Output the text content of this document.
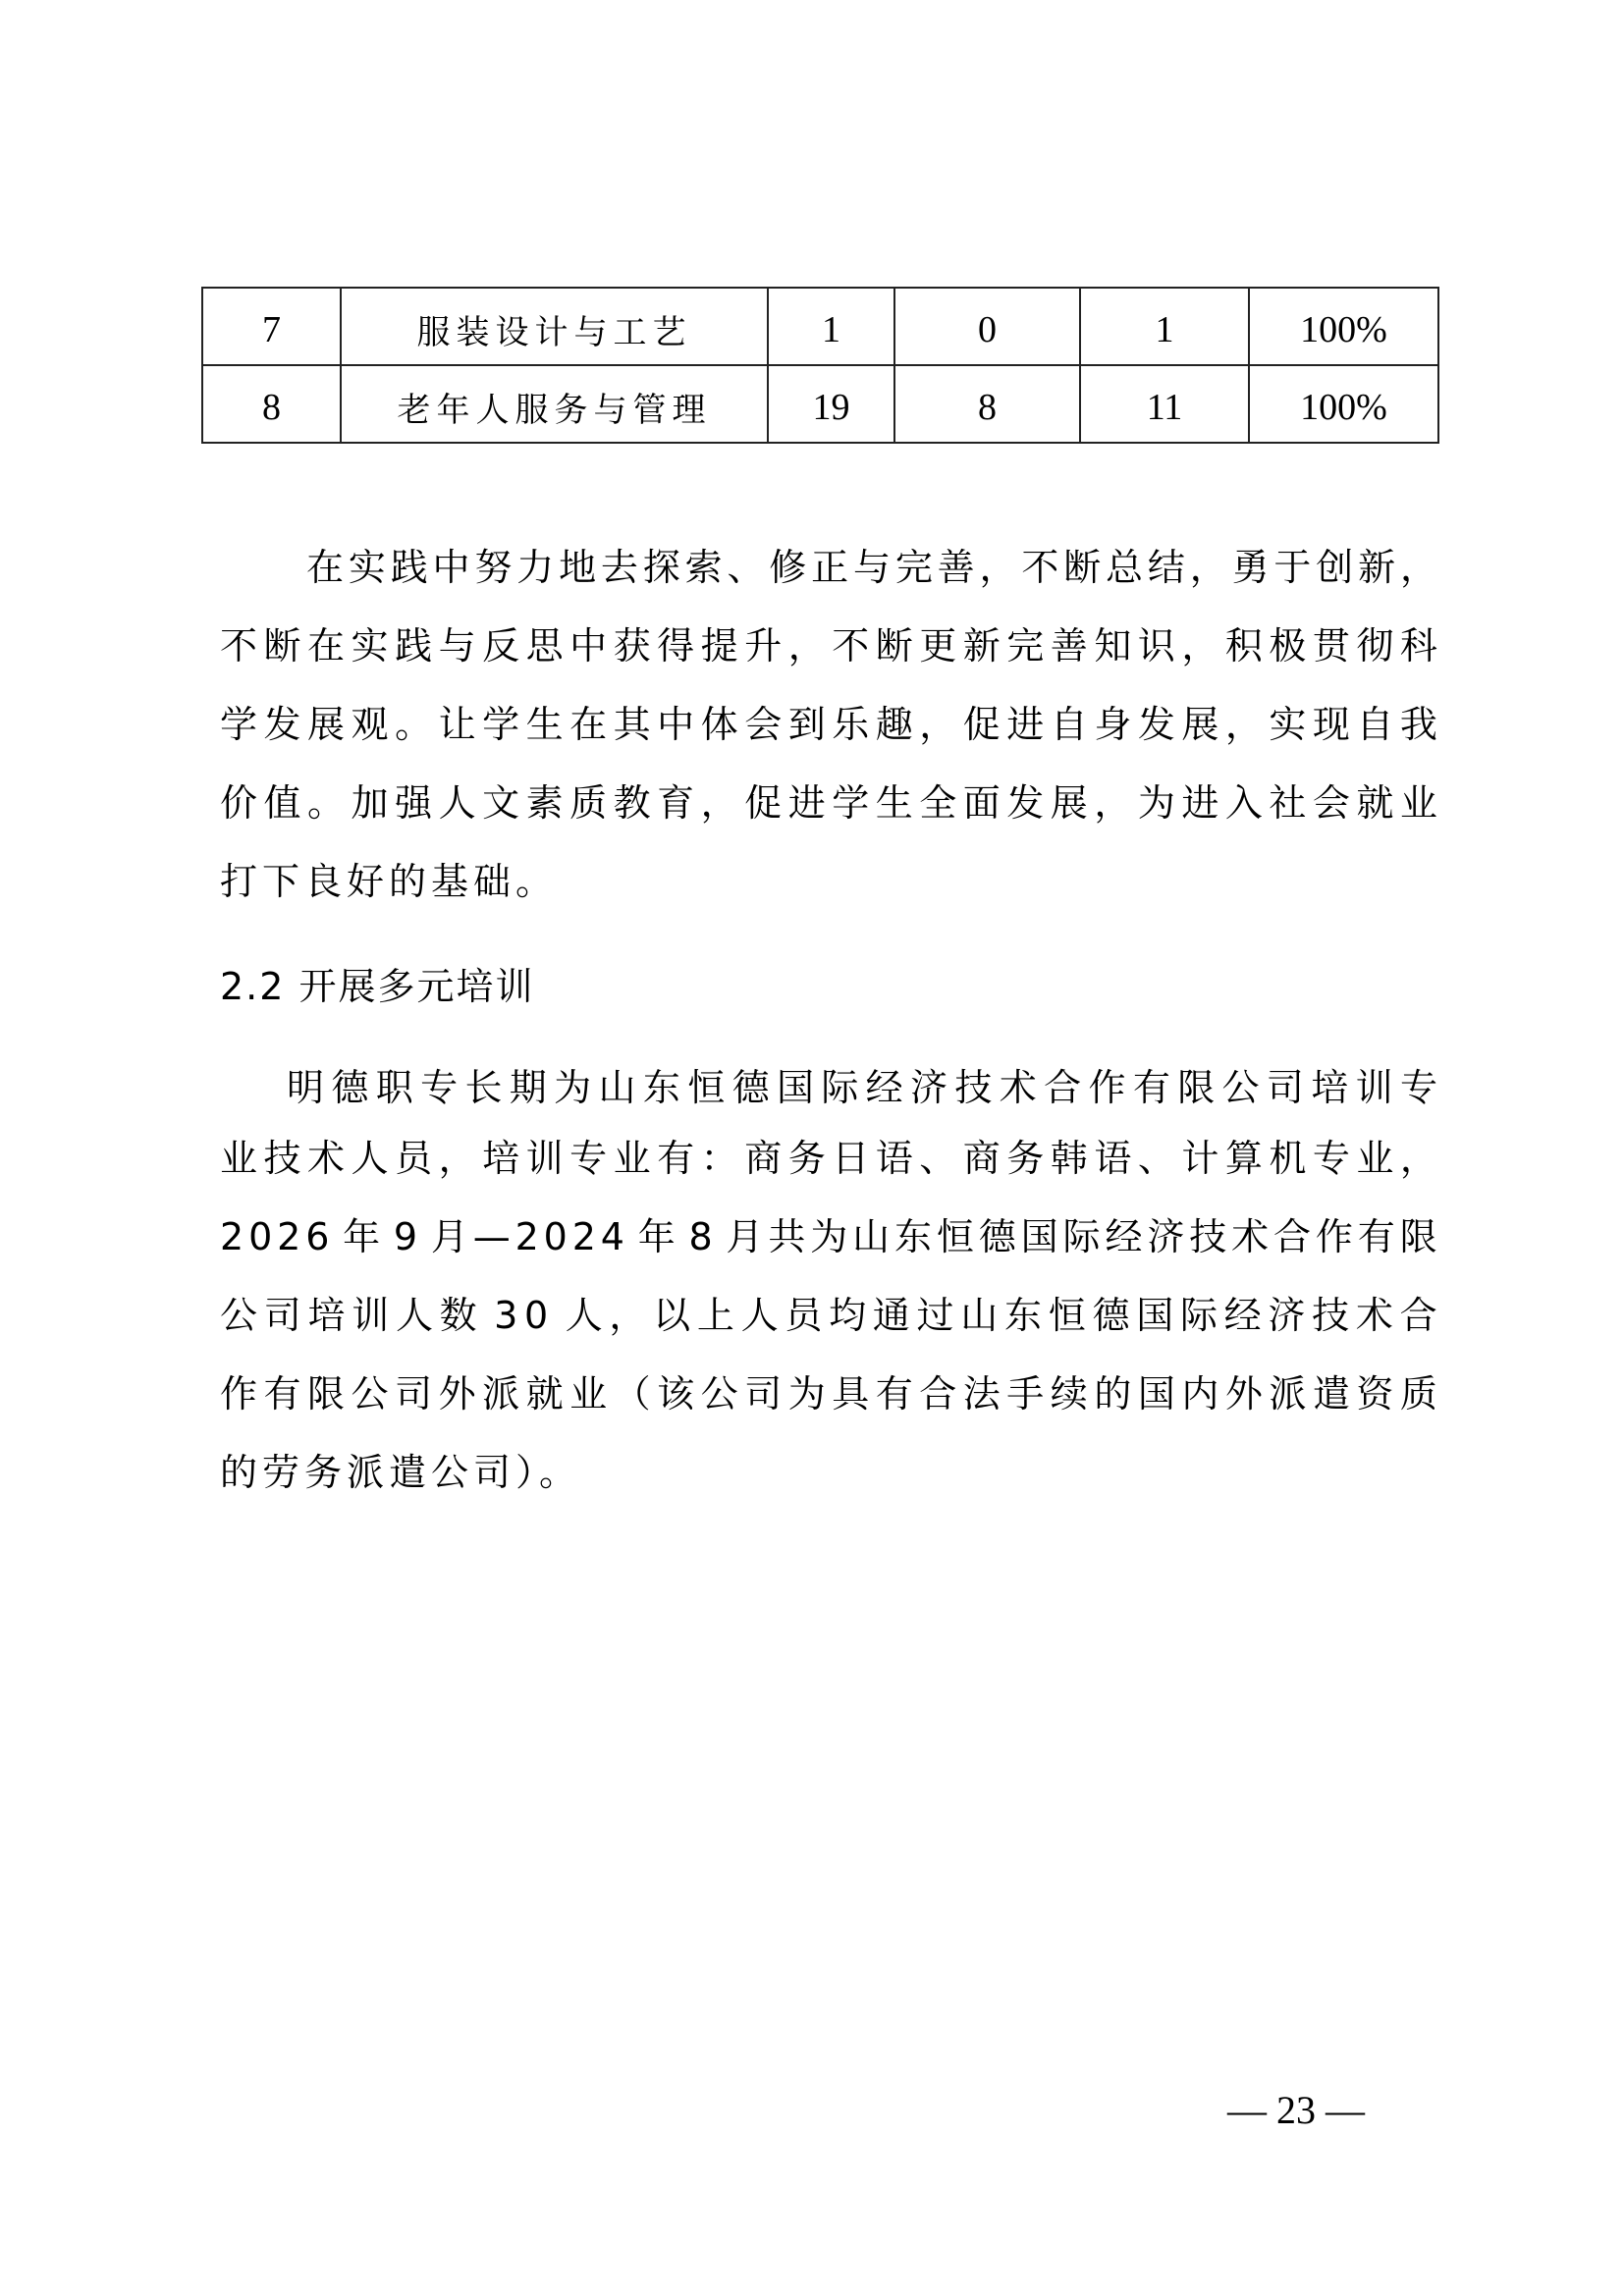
7	服装设计与工艺	1	0	1	100%
8	老年人服务与管理	19	8	11	100%
在 实 践 中 努 力 地 去 探 索 、 修 正 与 完 善 ， 不 断 总 结 ， 勇 于 创 新 ，
不 断 在 实 践 与 反 思 中 获 得 提 升 ， 不 断 更 新 完 善 知 识 ， 积 极 贯 彻 科
学 发 展 观 。 让 学 生 在 其 中 体 会 到 乐 趣 ， 促 进 自 身 发 展 ， 实 现 自 我
价 值 。 加 强 人 文 素 质 教 育 ， 促 进 学 生 全 面 发 展 ， 为 进 入 社 会 就 业
打下良好的基础。
2.2 开展多元培训
明 德 职 专 长 期 为 山 东 恒 德 国 际 经 济 技 术 合 作 有 限 公 司 培 训 专
业 技 术 人 员 ， 培 训 专 业 有 ： 商 务 日 语 、 商 务 韩 语 、 计 算 机 专 业 ，
2 0 2 6
年
9
月 — 2 0 2 4
年
8
月 共 为 山 东 恒 德 国 际 经 济 技 术 合 作 有 限
公 司 培 训 人 数
3 0
人 ， 以 上 人 员 均 通 过 山 东 恒 德 国 际 经 济 技 术 合
作 有 限 公 司 外 派 就 业 （ 该 公 司 为 具 有 合 法 手 续 的 国 内 外 派 遣 资 质
的劳务派遣公司）。
— 23 —
